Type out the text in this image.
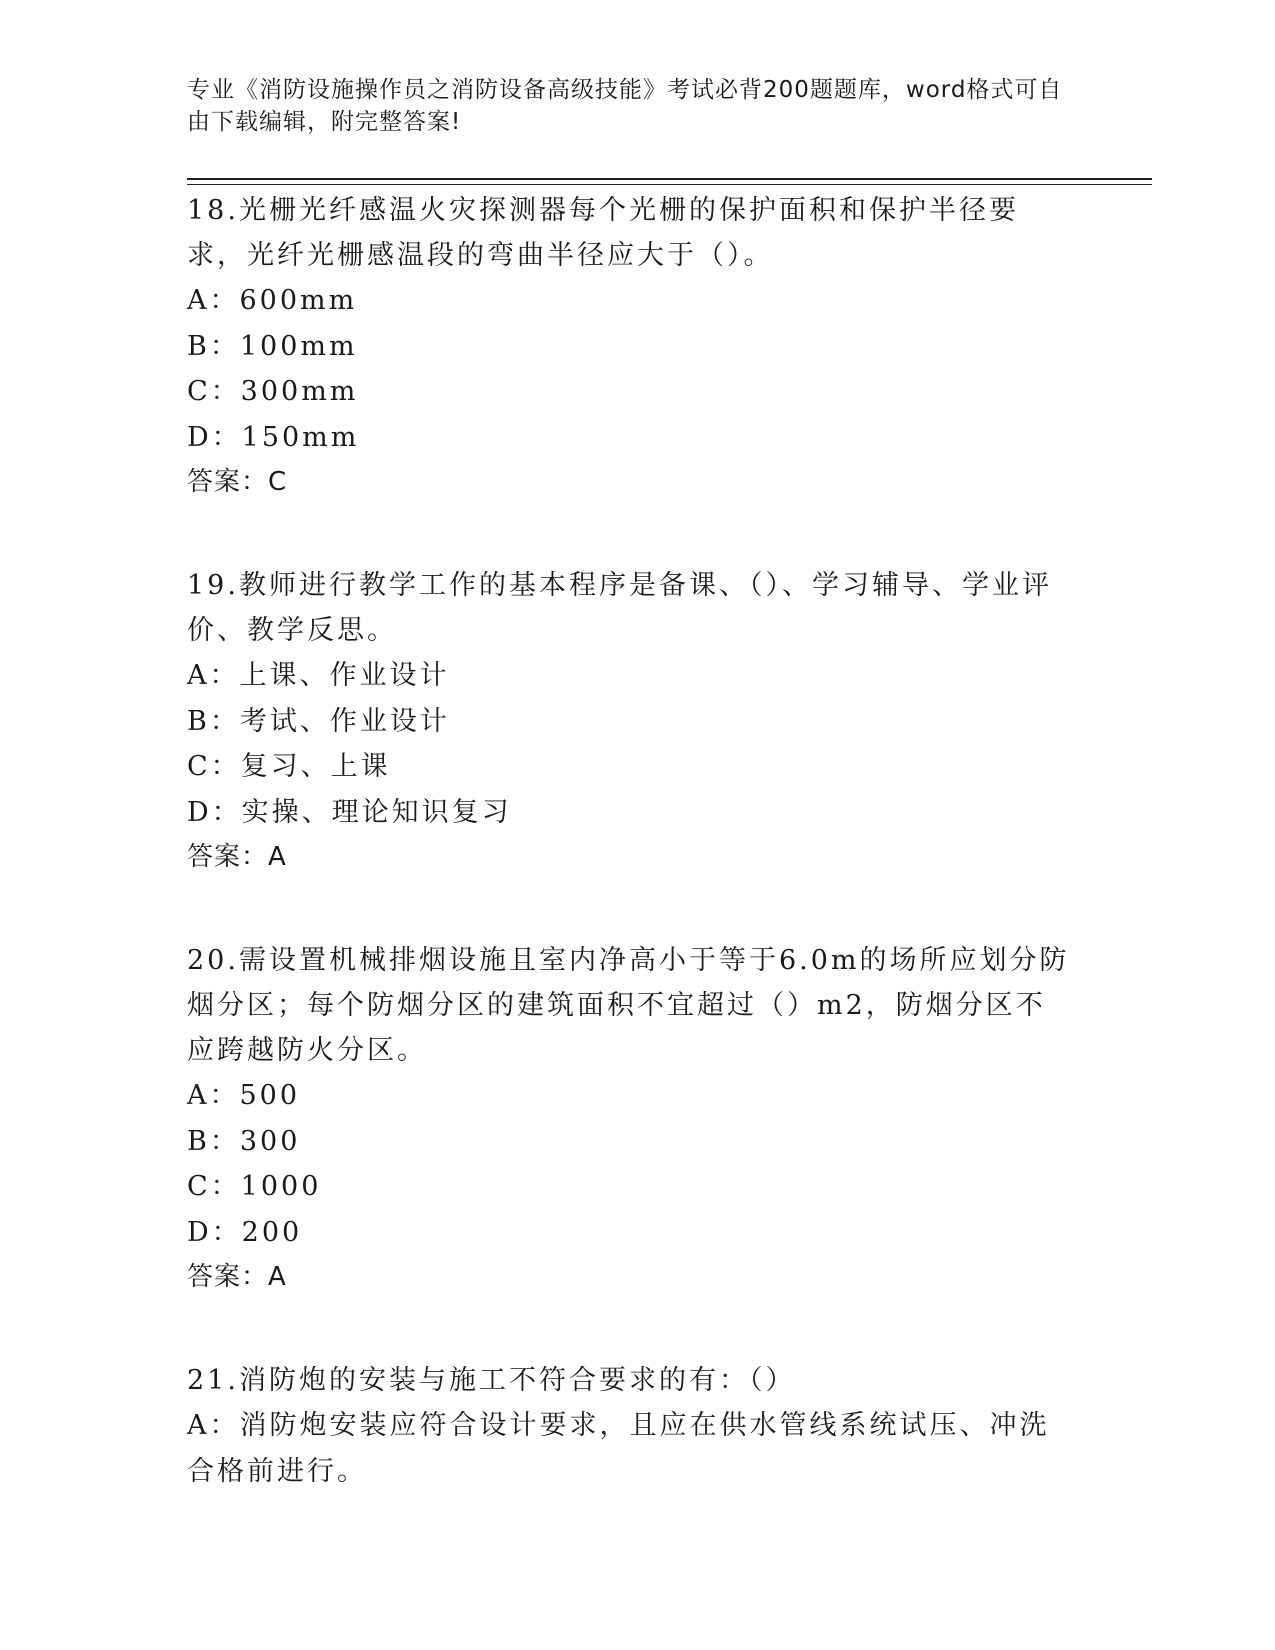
专业《消防设施操作员之消防设备高级技能》考试必背200题题库，word格式可自由下载编辑，附完整答案!
18.光栅光纤感温火灾探测器每个光栅的保护面积和保护半径要求，光纤光栅感温段的弯曲半径应大于（）。
A：600mm
B：100mm
C：300mm
D：150mm
答案：C
19.教师进行教学工作的基本程序是备课、（）、学习辅导、学业评价、教学反思。
A：上课、作业设计
B：考试、作业设计
C：复习、上课
D：实操、理论知识复习
答案：A
20.需设置机械排烟设施且室内净高小于等于6.0m的场所应划分防烟分区；每个防烟分区的建筑面积不宜超过（）m2，防烟分区不应跨越防火分区。
A：500
B：300
C：1000
D：200
答案：A
21.消防炮的安装与施工不符合要求的有：（）
A：消防炮安装应符合设计要求，且应在供水管线系统试压、冲洗合格前进行。
